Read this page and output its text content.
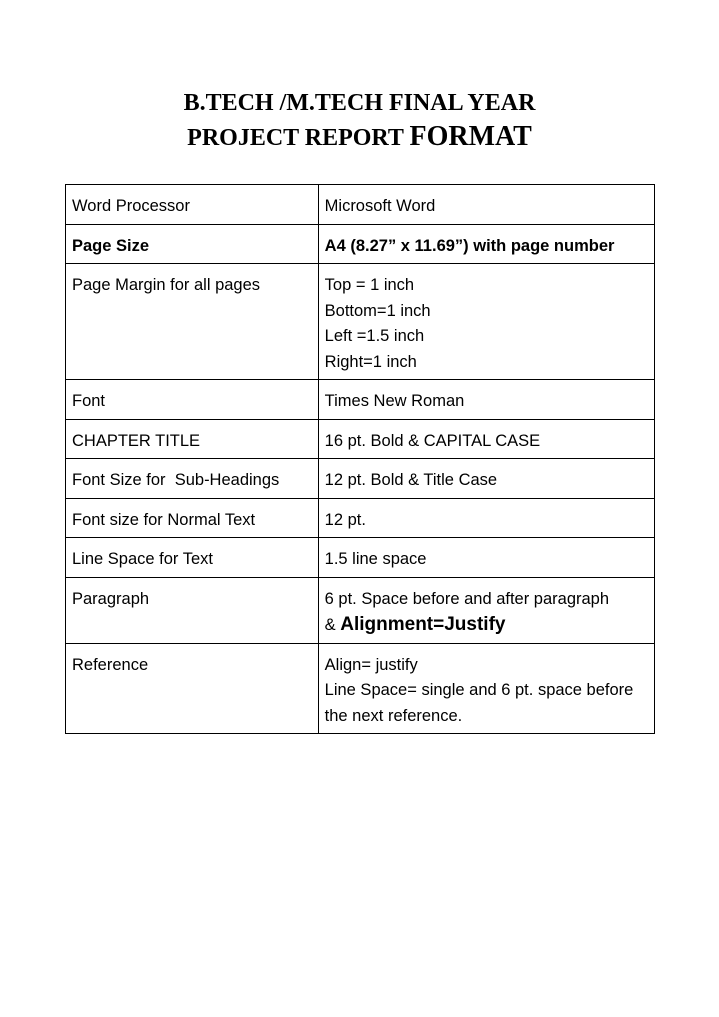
B.TECH /M.TECH FINAL YEAR
PROJECT REPORT FORMAT
Word Processor	Microsoft Word

Page Size	A4 (8.27” x 11.69”) with page number
Page Margin for all pages	Top = 1 inch
Bottom=1 inch
Left =1.5 inch
Right=1 inch

Font	Times New Roman

CHAPTER TITLE	16 pt. Bold & CAPITAL CASE

Font Size for  Sub-Headings	12 pt. Bold & Title Case

Font size for Normal Text	12 pt.

Line Space for Text	1.5 line space

Paragraph	6 pt. Space before and after paragraph
& Alignment=Justify

Reference	Align= justify
Line Space= single and 6 pt. space before the next reference.
